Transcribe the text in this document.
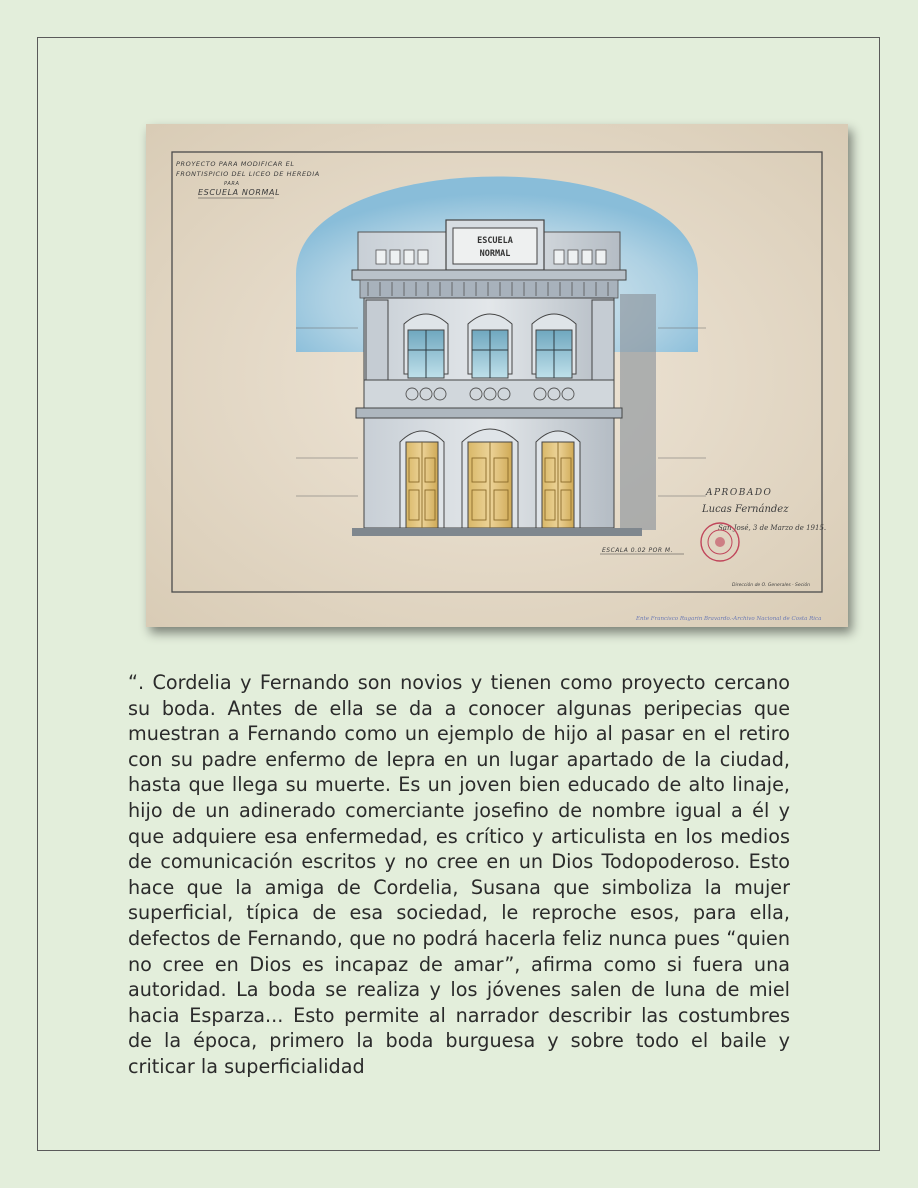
PROYECTO PARA MODIFICAR EL
FRONTISPICIO DEL LICEO DE HEREDIA
PARA
ESCUELA NORMAL
ESCUELA
NORMAL
APROBADO
Lucas Fernández
San José, 3 de Marzo de 1915.
ESCALA 0.02 POR M.
Dirección de O. Generales · Seción
Ente Francisco Rugarin Bravardo.-Archivo Nacional de Costa Rica

“. Cordelia y Fernando son novios y tienen como proyecto cercano su boda. Antes de ella se da a conocer algunas peripecias que muestran a Fernando como un ejemplo de hijo al pasar en el retiro con su padre enfermo de lepra en un lugar apartado de la ciudad, hasta que llega su muerte. Es un joven bien educado de alto linaje, hijo de un adinerado comerciante josefino de nombre igual a él y que adquiere esa enfermedad, es crítico y articulista en los medios de comunicación escritos y no cree en un Dios Todopoderoso. Esto hace que la amiga de Cordelia, Susana que simboliza la mujer superficial, típica de esa sociedad, le reproche esos, para ella, defectos de Fernando, que no podrá hacerla feliz nunca pues “quien no cree en Dios es incapaz de amar”, afirma como si fuera una autoridad. La boda se realiza y los jóvenes salen de luna de miel hacia Esparza... Esto permite al narrador describir las costumbres de la época, primero la boda burguesa y sobre todo el baile y criticar la superficialidad
